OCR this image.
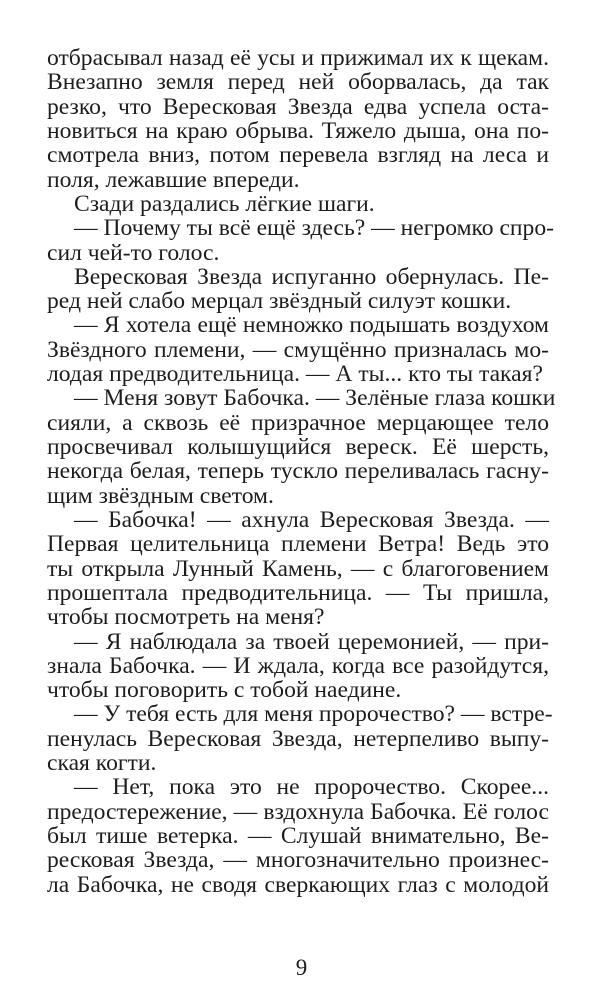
отбрасывал назад её усы и прижимал их к щекам.
Внезапно земля перед ней оборвалась, да так
резко, что Вересковая Звезда едва успела оста-
новиться на краю обрыва. Тяжело дыша, она по-
смотрела вниз, потом перевела взгляд на леса и
поля, лежавшие впереди.
Сзади раздались лёгкие шаги.
— Почему ты всё ещё здесь? — негромко спро-
сил чей-то голос.
Вересковая Звезда испуганно обернулась. Пе-
ред ней слабо мерцал звёздный силуэт кошки.
— Я хотела ещё немножко подышать воздухом
Звёздного племени, — смущённо призналась мо-
лодая предводительница. — А ты... кто ты такая?
— Меня зовут Бабочка. — Зелёные глаза кошки
сияли, а сквозь её призрачное мерцающее тело
просвечивал колышущийся вереск. Её шерсть,
некогда белая, теперь тускло переливалась гасну-
щим звёздным светом.
— Бабочка! — ахнула Вересковая Звезда. —
Первая целительница племени Ветра! Ведь это
ты открыла Лунный Камень, — с благоговением
прошептала предводительница. — Ты пришла,
чтобы посмотреть на меня?
— Я наблюдала за твоей церемонией, — при-
знала Бабочка. — И ждала, когда все разойдутся,
чтобы поговорить с тобой наедине.
— У тебя есть для меня пророчество? — встре-
пенулась Вересковая Звезда, нетерпеливо выпу-
ская когти.
— Нет, пока это не пророчество. Скорее...
предостережение, — вздохнула Бабочка. Её голос
был тише ветерка. — Слушай внимательно, Ве-
ресковая Звезда, — многозначительно произнес-
ла Бабочка, не сводя сверкающих глаз с молодой
9
